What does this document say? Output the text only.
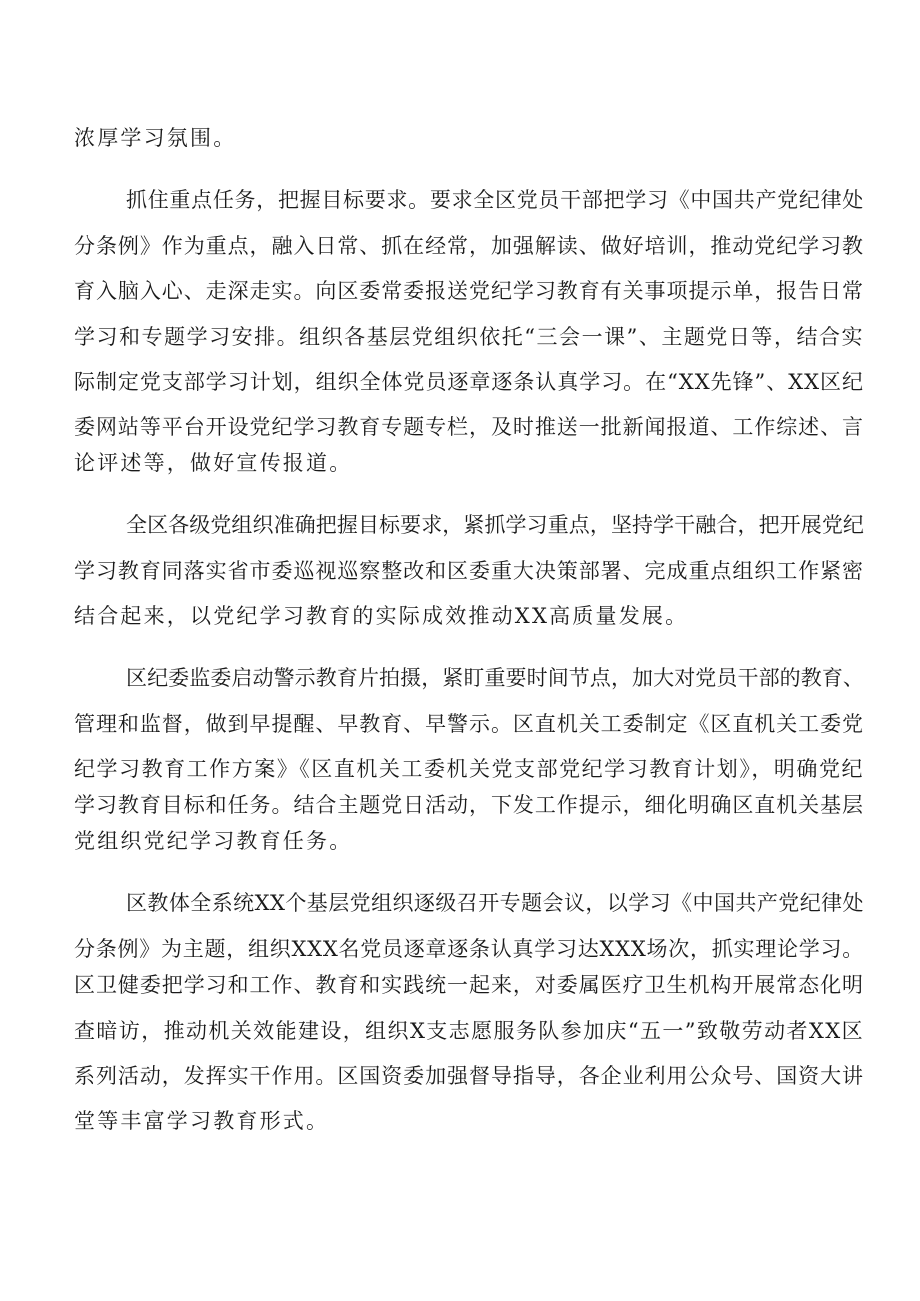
浓厚学习氛围。
抓住重点任务，把握目标要求。要求全区党员干部把学习《中国共产党纪律处
分条例》作为重点，融入日常、抓在经常，加强解读、做好培训，推动党纪学习教
育入脑入心、走深走实。向区委常委报送党纪学习教育有关事项提示单，报告日常
学习和专题学习安排。组织各基层党组织依托“三会一课”、主题党日等，结合实
际制定党支部学习计划，组织全体党员逐章逐条认真学习。在“XX先锋”、XX区纪
委网站等平台开设党纪学习教育专题专栏，及时推送一批新闻报道、工作综述、言
论评述等，做好宣传报道。
全区各级党组织准确把握目标要求，紧抓学习重点，坚持学干融合，把开展党纪
学习教育同落实省市委巡视巡察整改和区委重大决策部署、完成重点组织工作紧密
结合起来，以党纪学习教育的实际成效推动XX高质量发展。
区纪委监委启动警示教育片拍摄，紧盯重要时间节点，加大对党员干部的教育、
管理和监督，做到早提醒、早教育、早警示。区直机关工委制定《区直机关工委党
纪学习教育工作方案》《区直机关工委机关党支部党纪学习教育计划》，明确党纪
学习教育目标和任务。结合主题党日活动，下发工作提示，细化明确区直机关基层
党组织党纪学习教育任务。
区教体全系统XX个基层党组织逐级召开专题会议，以学习《中国共产党纪律处
分条例》为主题，组织XXX名党员逐章逐条认真学习达XXX场次，抓实理论学习。
区卫健委把学习和工作、教育和实践统一起来，对委属医疗卫生机构开展常态化明
查暗访，推动机关效能建设，组织X支志愿服务队参加庆“五一”致敬劳动者XX区
系列活动，发挥实干作用。区国资委加强督导指导，各企业利用公众号、国资大讲
堂等丰富学习教育形式。
